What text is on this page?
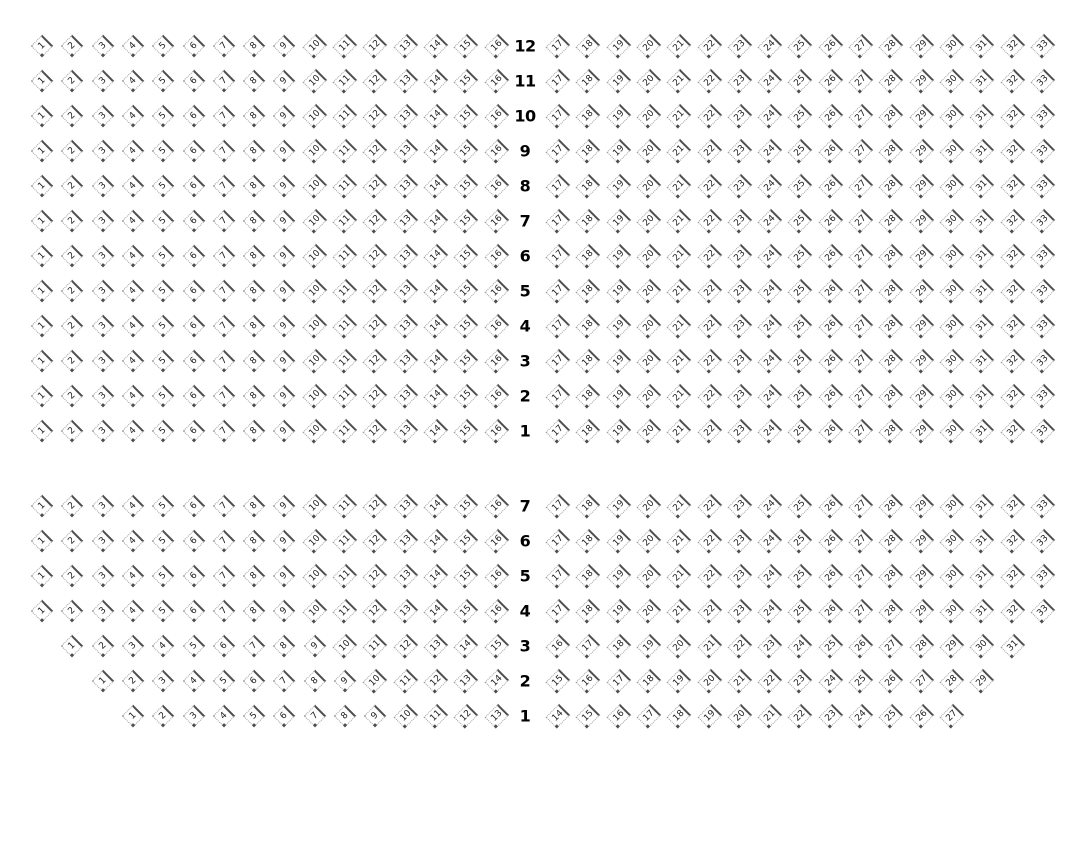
1	2	3	4	5	6	7	8	9	10	11	12	13	14	15	16 12	17	18	19	20	21	22	23	24	25	26	27	28	29	30	31	32	33
1	2	3	4	5	6	7	8	9	10	11	12	13	14	15	16 11	17	18	19	20	21	22	23	24	25	26	27	28	29	30	31	32	33
1	2	3	4	5	6	7	8	9	10	11	12	13	14	15	16 10	17	18	19	20	21	22	23	24	25	26	27	28	29	30	31	32	33
1	2	3	4	5	6	7	8	9	10	11	12	13	14	15	16 9	17	18	19	20	21	22	23	24	25	26	27	28	29	30	31	32	33
1	2	3	4	5	6	7	8	9	10	11	12	13	14	15	16 8	17	18	19	20	21	22	23	24	25	26	27	28	29	30	31	32	33
1	2	3	4	5	6	7	8	9	10	11	12	13	14	15	16 7	17	18	19	20	21	22	23	24	25	26	27	28	29	30	31	32	33
1	2	3	4	5	6	7	8	9	10	11	12	13	14	15	16 6	17	18	19	20	21	22	23	24	25	26	27	28	29	30	31	32	33
1	2	3	4	5	6	7	8	9	10	11	12	13	14	15	16 5	17	18	19	20	21	22	23	24	25	26	27	28	29	30	31	32	33
1	2	3	4	5	6	7	8	9	10	11	12	13	14	15	16 4	17	18	19	20	21	22	23	24	25	26	27	28	29	30	31	32	33
1	2	3	4	5	6	7	8	9	10	11	12	13	14	15	16 3	17	18	19	20	21	22	23	24	25	26	27	28	29	30	31	32	33
1	2	3	4	5	6	7	8	9	10	11	12	13	14	15	16 2	17	18	19	20	21	22	23	24	25	26	27	28	29	30	31	32	33
1	2	3	4	5	6	7	8	9	10	11	12	13	14	15	16 1	17	18	19	20	21	22	23	24	25	26	27	28	29	30	31	32	33
1	2	3	4	5	6	7	8	9	10	11	12	13	14	15	16 7	17	18	19	20	21	22	23	24	25	26	27	28	29	30	31	32	33
1	2	3	4	5	6	7	8	9	10	11	12	13	14	15	16 6	17	18	19	20	21	22	23	24	25	26	27	28	29	30	31	32	33
1	2	3	4	5	6	7	8	9	10	11	12	13	14	15	16 5	17	18	19	20	21	22	23	24	25	26	27	28	29	30	31	32	33
1	2	3	4	5	6	7	8	9	10	11	12	13	14	15	16 4	17	18	19	20	21	22	23	24	25	26	27	28	29	30	31	32	33
1	2	3	4	5	6	7	8	9	10	11	12	13	14	15 3	16	17	18	19	20	21	22	23	24	25	26	27	28	29	30	31
1	2	3	4	5	6	7	8	9	10	11	12	13	14 2	15	16	17	18	19	20	21	22	23	24	25	26	27	28	29
1	2	3	4	5	6	7	8	9	10	11	12	13 1	14	15	16	17	18	19	20	21	22	23	24	25	26	27
